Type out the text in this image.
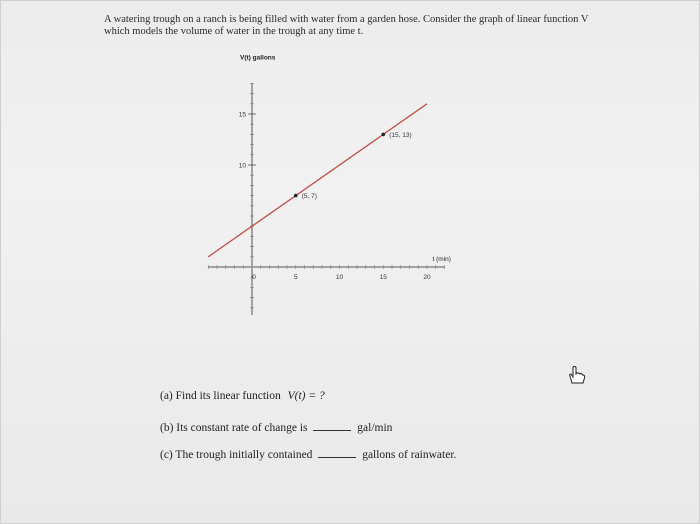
A watering trough on a ranch is being filled with water from a garden hose. Consider the graph of linear function V
which models the volume of water in the trough at any time t.
0	5	10	15	20
10
15
V(t) gallons
t (min)
(5, 7)
(15, 13)
(a) Find its linear function V(t) = ?
(b) Its constant rate of change is	gal/min
(c) The trough initially contained	gallons of rainwater.
